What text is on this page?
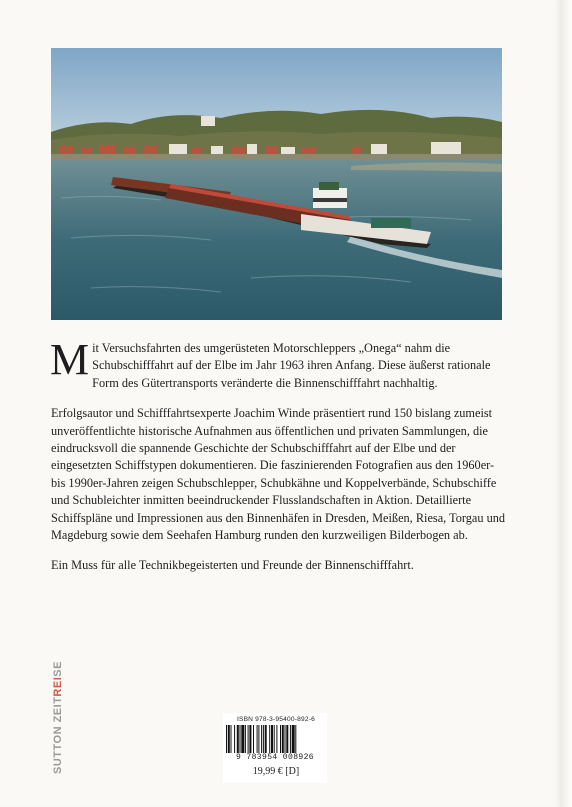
Mit Versuchsfahrten des umgerüsteten Motorschleppers „Onega“ nahm die Schubschifffahrt auf der Elbe im Jahr 1963 ihren Anfang. Diese äußerst rationale Form des Gütertransports veränderte die Binnenschifffahrt nachhaltig.

Erfolgsautor und Schifffahrtsexperte Joachim Winde präsentiert rund 150 bislang zumeist unveröffentlichte historische Aufnahmen aus öffentlichen und privaten Sammlungen, die eindrucksvoll die spannende Geschichte der Schubschifffahrt auf der Elbe und der eingesetzten Schiffstypen dokumentieren. Die faszinierenden Fotografien aus den 1960er- bis 1990er-Jahren zeigen Schubschlepper, Schubkähne und Koppelverbände, Schubschiffe und Schubleichter inmitten beeindruckender Flusslandschaften in Aktion. Detaillierte Schiffspläne und Impressionen aus den Binnenhäfen in Dresden, Meißen, Riesa, Torgau und Magdeburg sowie dem Seehafen Hamburg runden den kurzweiligen Bilderbogen ab.

Ein Muss für alle Technikbegeisterten und Freunde der Binnenschifffahrt.

SUTTON ZEITREISE
ISBN 978-3-95400-892-6
9 783954 008926
19,99 € [D]
